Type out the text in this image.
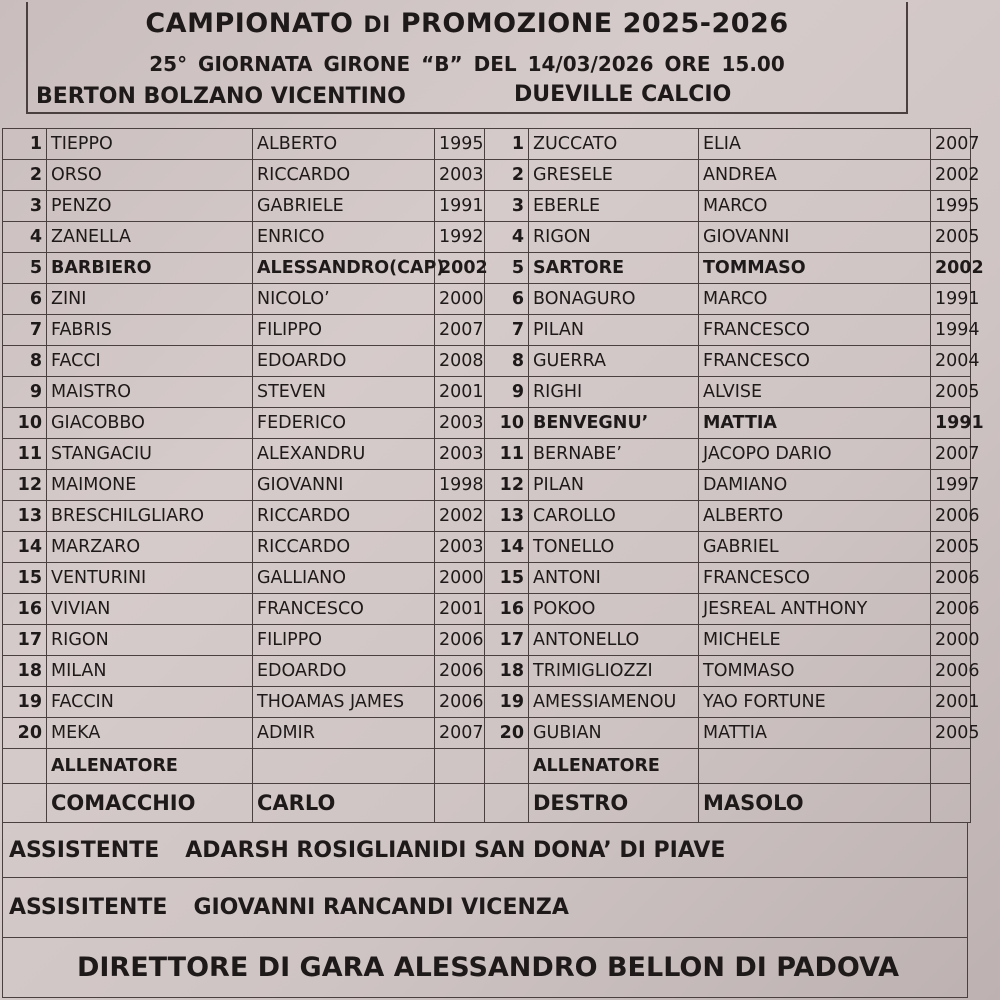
CAMPIONATO DI PROMOZIONE 2025-2026
25° GIORNATA GIRONE “B” DEL 14/03/2026 ORE 15.00
BERTON BOLZANO VICENTINO	DUEVILLE CALCIO
1	TIEPPO	ALBERTO	1995	1	ZUCCATO	ELIA	2007
2	ORSO	RICCARDO	2003	2	GRESELE	ANDREA	2002
3	PENZO	GABRIELE	1991	3	EBERLE	MARCO	1995
4	ZANELLA	ENRICO	1992	4	RIGON	GIOVANNI	2005
5	BARBIERO	ALESSANDRO(CAP)	2002	5	SARTORE	TOMMASO	2002
6	ZINI	NICOLO’	2000	6	BONAGURO	MARCO	1991
7	FABRIS	FILIPPO	2007	7	PILAN	FRANCESCO	1994
8	FACCI	EDOARDO	2008	8	GUERRA	FRANCESCO	2004
9	MAISTRO	STEVEN	2001	9	RIGHI	ALVISE	2005
10	GIACOBBO	FEDERICO	2003	10	BENVEGNU’	MATTIA	1991
11	STANGACIU	ALEXANDRU	2003	11	BERNABE’	JACOPO DARIO	2007
12	MAIMONE	GIOVANNI	1998	12	PILAN	DAMIANO	1997
13	BRESCHILGLIARO	RICCARDO	2002	13	CAROLLO	ALBERTO	2006
14	MARZARO	RICCARDO	2003	14	TONELLO	GABRIEL	2005
15	VENTURINI	GALLIANO	2000	15	ANTONI	FRANCESCO	2006
16	VIVIAN	FRANCESCO	2001	16	POKOO	JESREAL ANTHONY	2006
17	RIGON	FILIPPO	2006	17	ANTONELLO	MICHELE	2000
18	MILAN	EDOARDO	2006	18	TRIMIGLIOZZI	TOMMASO	2006
19	FACCIN	THOAMAS JAMES	2006	19	AMESSIAMENOU	YAO FORTUNE	2001
20	MEKA	ADMIR	2007	20	GUBIAN	MATTIA	2005
	ALLENATORE				ALLENATORE		
	COMACCHIO	CARLO			DESTRO	MASOLO	
ASSISTENTE ADARSH ROSIGLIANIDI SAN DONA’ DI PIAVE
ASSISITENTE GIOVANNI RANCANDI VICENZA
DIRETTORE DI GARA ALESSANDRO BELLON DI PADOVA
